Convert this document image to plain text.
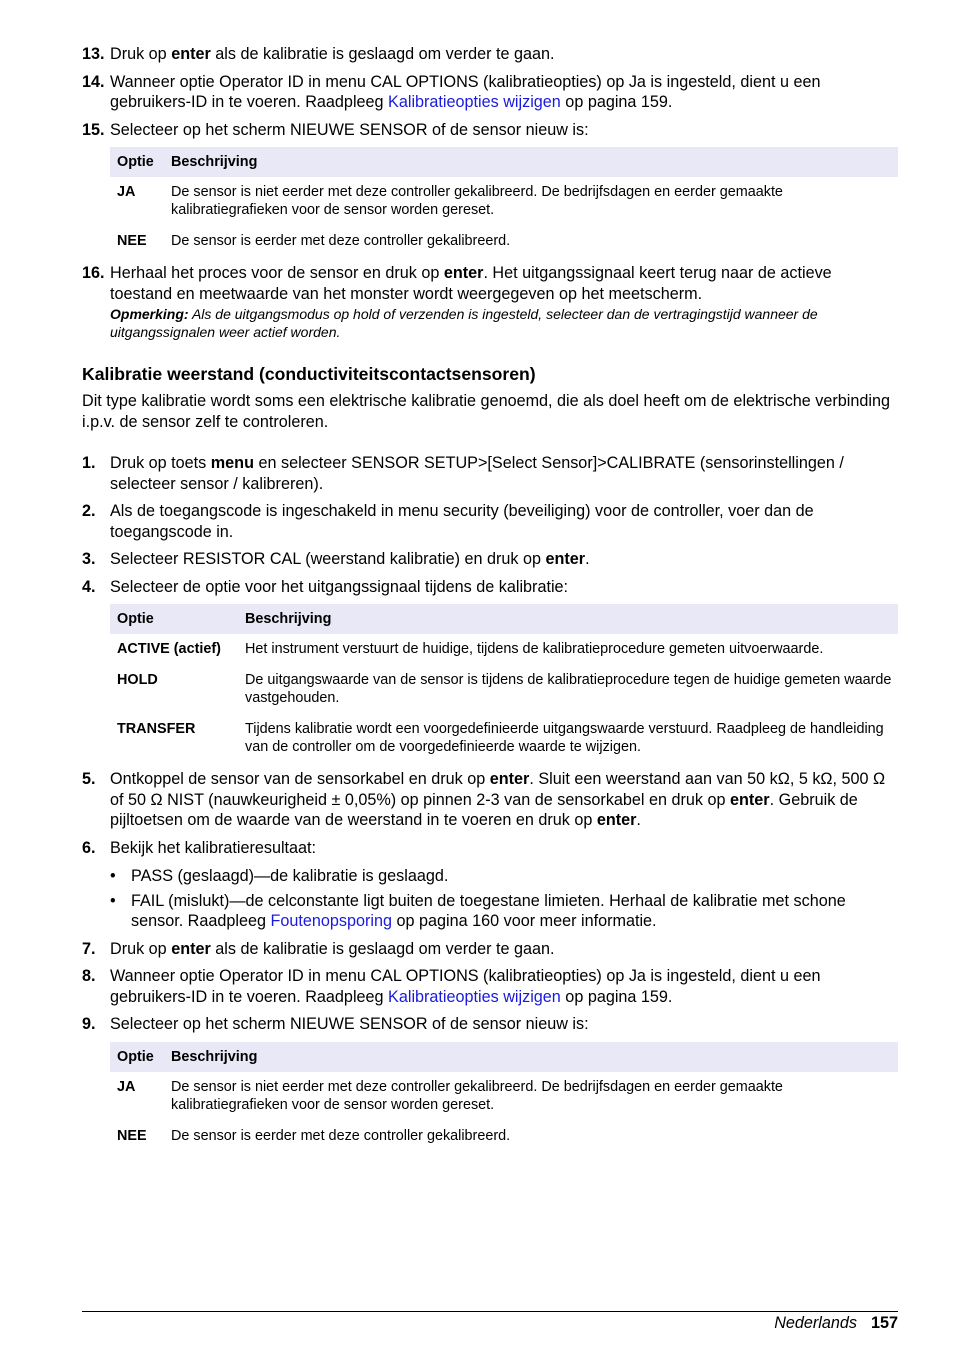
13. Druk op enter als de kalibratie is geslaagd om verder te gaan.
14. Wanneer optie Operator ID in menu CAL OPTIONS (kalibratieopties) op Ja is ingesteld, dient u een gebruikers-ID in te voeren. Raadpleeg Kalibratieopties wijzigen op pagina 159.
15. Selecteer op het scherm NIEUWE SENSOR of de sensor nieuw is:
Optie	Beschrijving
JA	De sensor is niet eerder met deze controller gekalibreerd. De bedrijfsdagen en eerder gemaakte kalibratiegrafieken voor de sensor worden gereset.
NEE	De sensor is eerder met deze controller gekalibreerd.
16. Herhaal het proces voor de sensor en druk op enter. Het uitgangssignaal keert terug naar de actieve toestand en meetwaarde van het monster wordt weergegeven op het meetscherm.
Opmerking: Als de uitgangsmodus op hold of verzenden is ingesteld, selecteer dan de vertragingstijd wanneer de uitgangssignalen weer actief worden.
Kalibratie weerstand (conductiviteitscontactsensoren)

Dit type kalibratie wordt soms een elektrische kalibratie genoemd, die als doel heeft om de elektrische verbinding i.p.v. de sensor zelf te controleren.

1. Druk op toets menu en selecteer SENSOR SETUP>[Select Sensor]>CALIBRATE (sensorinstellingen / selecteer sensor / kalibreren).
2. Als de toegangscode is ingeschakeld in menu security (beveiliging) voor de controller, voer dan de toegangscode in.
3. Selecteer RESISTOR CAL (weerstand kalibratie) en druk op enter.
4. Selecteer de optie voor het uitgangssignaal tijdens de kalibratie:
Optie	Beschrijving
ACTIVE (actief)	Het instrument verstuurt de huidige, tijdens de kalibratieprocedure gemeten uitvoerwaarde.
HOLD	De uitgangswaarde van de sensor is tijdens de kalibratieprocedure tegen de huidige gemeten waarde vastgehouden.
TRANSFER	Tijdens kalibratie wordt een voorgedefinieerde uitgangswaarde verstuurd. Raadpleeg de handleiding van de controller om de voorgedefinieerde waarde te wijzigen.
5. Ontkoppel de sensor van de sensorkabel en druk op enter. Sluit een weerstand aan van 50 kΩ, 5 kΩ, 500 Ω of 50 Ω NIST (nauwkeurigheid ± 0,05%) op pinnen 2-3 van de sensorkabel en druk op enter. Gebruik de pijltoetsen om de waarde van de weerstand in te voeren en druk op enter.
6. Bekijk het kalibratieresultaat:
• PASS (geslaagd)—de kalibratie is geslaagd.
• FAIL (mislukt)—de celconstante ligt buiten de toegestane limieten. Herhaal de kalibratie met schone sensor. Raadpleeg Foutenopsporing op pagina 160 voor meer informatie.
7. Druk op enter als de kalibratie is geslaagd om verder te gaan.
8. Wanneer optie Operator ID in menu CAL OPTIONS (kalibratieopties) op Ja is ingesteld, dient u een gebruikers-ID in te voeren. Raadpleeg Kalibratieopties wijzigen op pagina 159.
9. Selecteer op het scherm NIEUWE SENSOR of de sensor nieuw is:
Optie	Beschrijving
JA	De sensor is niet eerder met deze controller gekalibreerd. De bedrijfsdagen en eerder gemaakte kalibratiegrafieken voor de sensor worden gereset.
NEE	De sensor is eerder met deze controller gekalibreerd.
Nederlands 157
